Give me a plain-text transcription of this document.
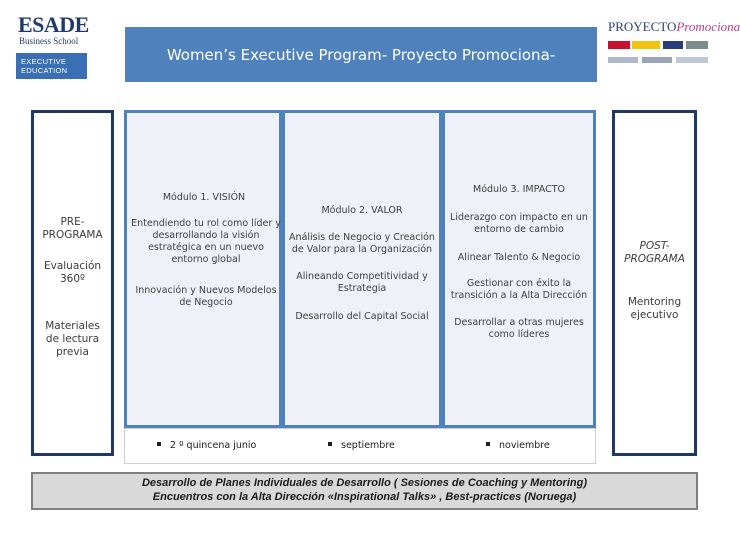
ESADE
Business School
EXECUTIVE
EDUCATION
PROYECTOPromociona
Women’s Executive Program- Proyecto Promociona-
PRE-
PROGRAMA
Evaluación
360º
Materiales
de lectura
previa
POST-
PROGRAMA
Mentoring
ejecutivo
Módulo 1. VISIÓN
Entendiendo tu rol como líder y
desarrollando la visión
estratégica en un nuevo
entorno global
Innovación y Nuevos Modelos
de Negocio
Módulo 2. VALOR
Análisis de Negocio y Creación
de Valor para la Organización
Alineando Competitividad y
Estrategia
Desarrollo del Capital Social
Módulo 3. IMPACTO
Liderazgo con impacto en un
entorno de cambio
Alinear Talento & Negocio
Gestionar con éxito la
transición a la Alta Dirección
Desarrollar a otras mujeres
como líderes
2 º quincena junio	septiembre	noviembre
Desarrollo de Planes Individuales de Desarrollo ( Sesiones de Coaching y Mentoring)
Encuentros con la Alta Dirección «Inspirational Talks» , Best-practices (Noruega)
